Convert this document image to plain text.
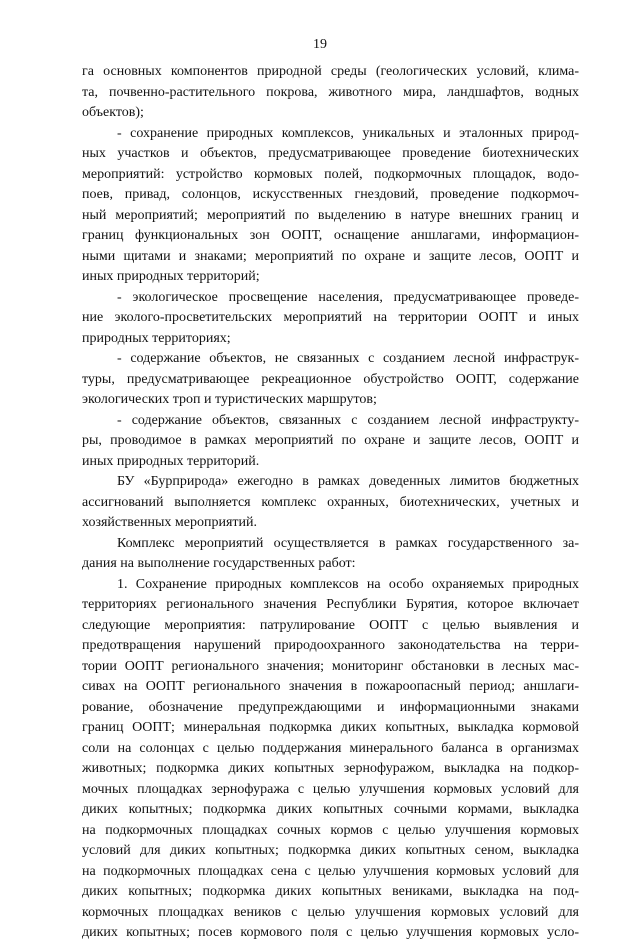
19
га основных компонентов природной среды (геологических условий, клима-
та, почвенно-растительного покрова, животного мира, ландшафтов, водных
объектов);
- сохранение природных комплексов, уникальных и эталонных природ-
ных участков и объектов, предусматривающее проведение биотехнических
мероприятий: устройство кормовых полей, подкормочных площадок, водо-
поев, привад, солонцов, искусственных гнездовий, проведение подкормоч-
ный мероприятий; мероприятий по выделению в натуре внешних границ и
границ функциональных зон ООПТ, оснащение аншлагами, информацион-
ными щитами и знаками; мероприятий по охране и защите лесов, ООПТ и
иных природных территорий;
- экологическое просвещение населения, предусматривающее проведе-
ние эколого-просветительских мероприятий на территории ООПТ и иных
природных территориях;
- содержание объектов, не связанных с созданием лесной инфраструк-
туры, предусматривающее рекреационное обустройство ООПТ, содержание
экологических троп и туристических маршрутов;
- содержание объектов, связанных с созданием лесной инфраструкту-
ры, проводимое в рамках мероприятий по охране и защите лесов, ООПТ и
иных природных территорий.
БУ «Бурприрода» ежегодно в рамках доведенных лимитов бюджетных
ассигнований выполняется комплекс охранных, биотехнических, учетных и
хозяйственных мероприятий.
Комплекс мероприятий осуществляется в рамках государственного за-
дания на выполнение государственных работ:
1. Сохранение природных комплексов на особо охраняемых природных
территориях регионального значения Республики Бурятия, которое включает
следующие мероприятия: патрулирование ООПТ с целью выявления и
предотвращения нарушений природоохранного законодательства на терри-
тории ООПТ регионального значения; мониторинг обстановки в лесных мас-
сивах на ООПТ регионального значения в пожароопасный период; аншлаги-
рование, обозначение предупреждающими и информационными знаками
границ ООПТ; минеральная подкормка диких копытных, выкладка кормовой
соли на солонцах с целью поддержания минерального баланса в организмах
животных; подкормка диких копытных зернофуражом, выкладка на подкор-
мочных площадках зернофуража с целью улучшения кормовых условий для
диких копытных; подкормка диких копытных сочными кормами, выкладка
на подкормочных площадках сочных кормов с целью улучшения кормовых
условий для диких копытных; подкормка диких копытных сеном, выкладка
на подкормочных площадках сена с целью улучшения кормовых условий для
диких копытных; подкормка диких копытных вениками, выкладка на под-
кормочных площадках веников с целью улучшения кормовых условий для
диких копытных; посев кормового поля с целью улучшения кормовых усло-
